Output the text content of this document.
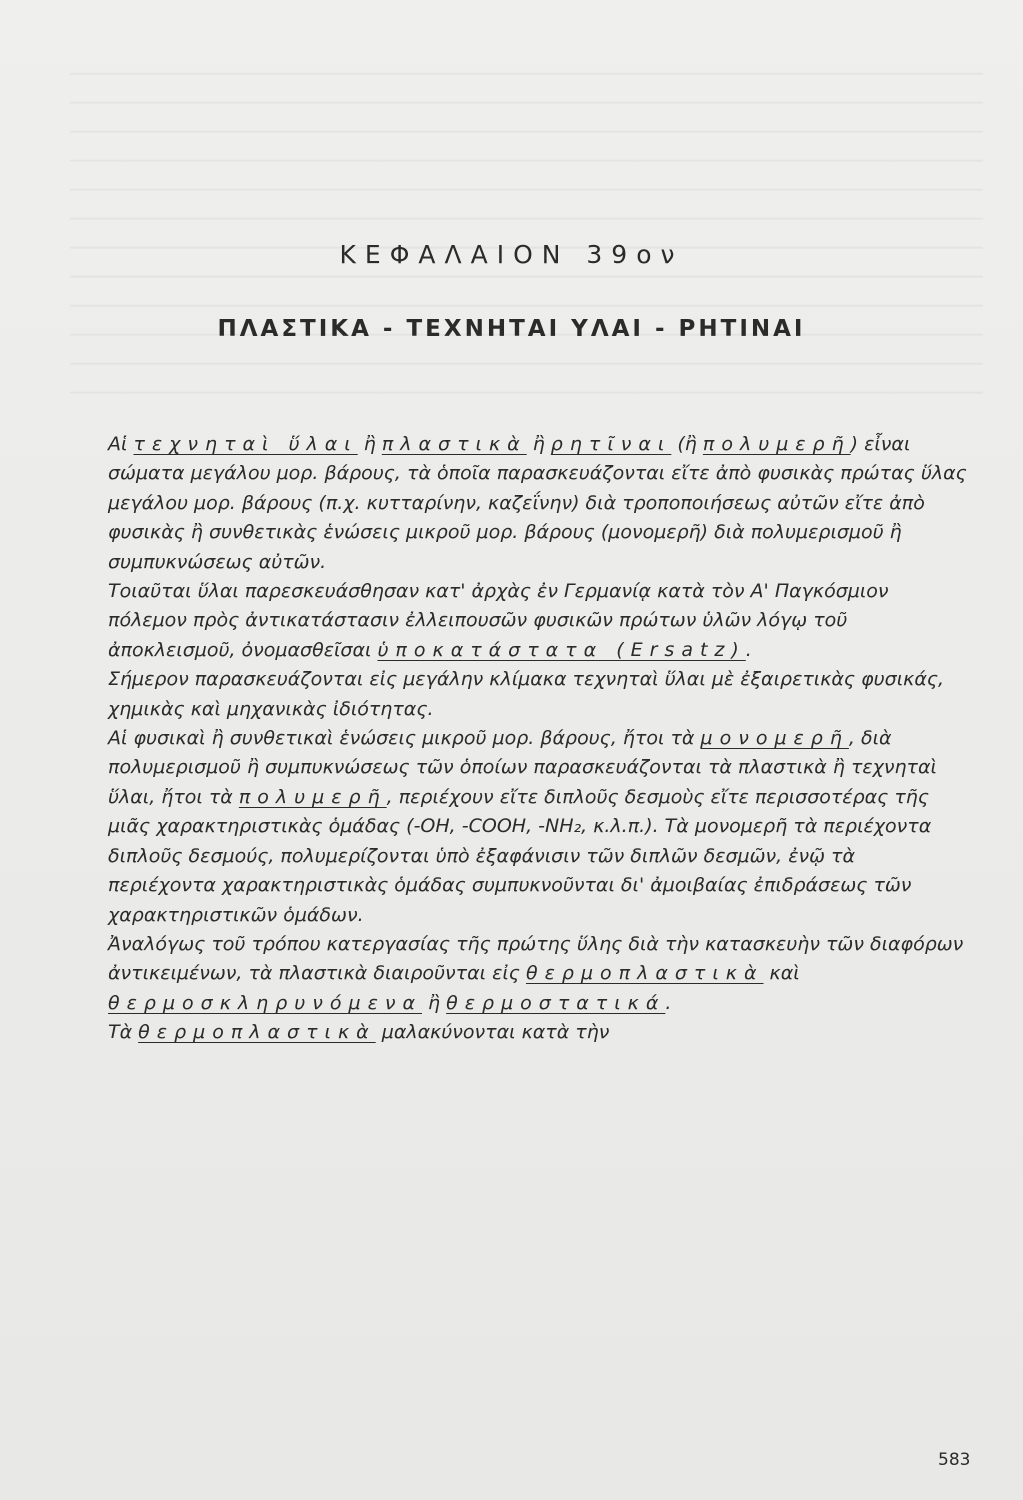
ΚΕΦΑΛΑΙΟΝ 39ον
ΠΛΑΣΤΙΚΑ - ΤΕΧΝΗΤΑΙ ΥΛΑΙ - ΡΗΤΙΝΑΙ

Αἱ τεχνηταὶ ὕλαι ἢ πλαστικὰ ἢ ρητῖναι (ἢ πολυμερῆ) εἶναι σώματα μεγάλου μορ. βάρους, τὰ ὁποῖα παρασκευάζονται εἴτε ἀπὸ φυσικὰς πρώτας ὕλας μεγάλου μορ. βάρους (π.χ. κυτταρίνην, καζεΐνην) διὰ τροποποιήσεως αὐτῶν εἴτε ἀπὸ φυσικὰς ἢ συνθετικὰς ἑνώσεις μικροῦ μορ. βάρους (μονομερῆ) διὰ πολυμερισμοῦ ἢ συμπυκνώσεως αὐτῶν.

Τοιαῦται ὕλαι παρεσκευάσθησαν κατ' ἀρχὰς ἐν Γερμανίᾳ κατὰ τὸν Α' Παγκόσμιον πόλεμον πρὸς ἀντικατάστασιν ἐλλειπουσῶν φυσικῶν πρώτων ὑλῶν λόγῳ τοῦ ἀποκλεισμοῦ, ὀνομασθεῖσαι ὑποκατάστατα (Ersatz).

Σήμερον παρασκευάζονται εἰς μεγάλην κλίμακα τεχνηταὶ ὕλαι μὲ ἐξαιρετικὰς φυσικάς, χημικὰς καὶ μηχανικὰς ἰδιότητας.

Αἱ φυσικαὶ ἢ συνθετικαὶ ἑνώσεις μικροῦ μορ. βάρους, ἤτοι τὰ μονομερῆ, διὰ πολυμερισμοῦ ἢ συμπυκνώσεως τῶν ὁποίων παρασκευάζονται τὰ πλαστικὰ ἢ τεχνηταὶ ὕλαι, ἤτοι τὰ πολυμερῆ, περιέχουν εἴτε διπλοῦς δεσμοὺς εἴτε περισσοτέρας τῆς μιᾶς χαρακτηριστικὰς ὁμάδας (-OH, -COOH, -NH₂, κ.λ.π.). Τὰ μονομερῆ τὰ περιέχοντα διπλοῦς δεσμούς, πολυμερίζονται ὑπὸ ἐξαφάνισιν τῶν διπλῶν δεσμῶν, ἐνῷ τὰ περιέχοντα χαρακτηριστικὰς ὁμάδας συμπυκνοῦνται δι' ἀμοιβαίας ἐπιδράσεως τῶν χαρακτηριστικῶν ὁμάδων.

Ἀναλόγως τοῦ τρόπου κατεργασίας τῆς πρώτης ὕλης διὰ τὴν κατασκευὴν τῶν διαφόρων ἀντικειμένων, τὰ πλαστικὰ διαιροῦνται εἰς θερμοπλαστικὰ καὶ θερμοσκληρυνόμενα ἢ θερμοστατικά.

Τὰ θερμοπλαστικὰ μαλακύνονται κατὰ τὴν

583
